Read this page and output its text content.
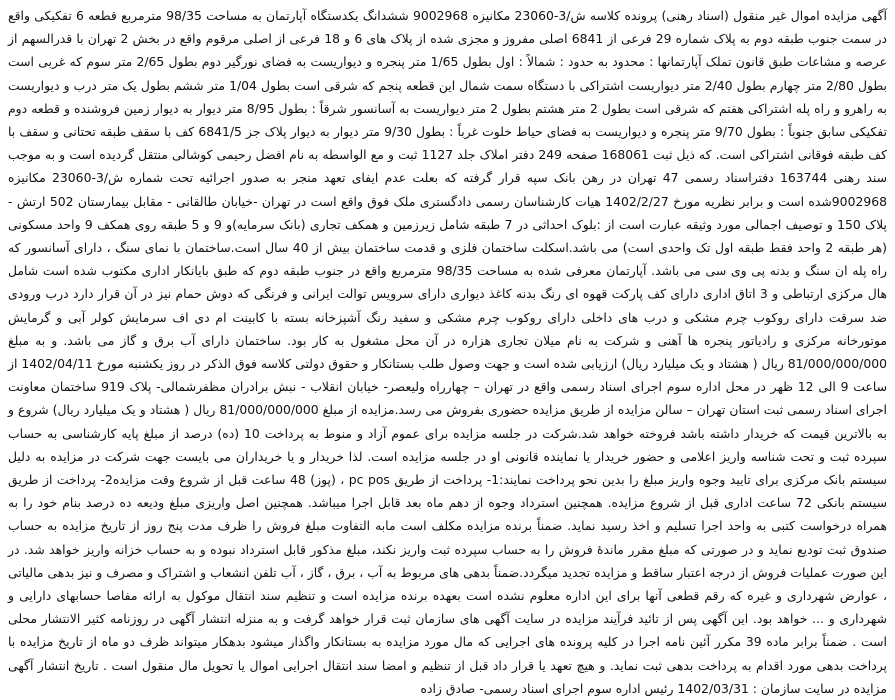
آگهی مزایده اموال غیر منقول (اسناد رهنی) پرونده کلاسه ش/3-23060 مکانیزه 9002968 ششدانگ یکدستگاه آپارتمان به مساحت 98/35 مترمربع قطعه 6 تفکیکی واقع در سمت جنوب طبقه دوم به پلاک شماره 29 فرعی از 6841 اصلی مفروز و مجزی شده از پلاک های 6 و 18 فرعی از اصلی مرقوم واقع در بخش 2 تهران با قدرالسهم از عرصه و مشاعات طبق قانون تملک آپارتمانها : محدود به حدود : شمالاً : اول بطول 1/65 متر پنجره و دیواریست به فضای نورگیر دوم بطول 2/65 متر سوم که غربی است بطول 2/80 متر چهارم بطول 2/40 متر دیواریست اشتراکی با دستگاه سمت شمال این قطعه پنجم که شرقی است بطول 1/04 متر ششم بطول یک متر درب و دیواریست به راهرو و راه پله اشتراکی هفتم که شرقی است بطول 2 متر هشتم بطول 2 متر دیواریست به آسانسور شرقاً : بطول 8/95 متر دیوار به دیوار زمین فروشنده و قطعه دوم تفکیکی سابق جنوباً : بطول 9/70 متر پنجره و دیواریست به فضای حیاط خلوت غرباً : بطول 9/30 متر دیوار به دیوار پلاک جز 6841/5 کف با سقف طبقه تحتانی و سقف با کف طبقه فوقانی اشتراکی است. که ذیل ثبت 168061 صفحه 249 دفتر املاک جلد 1127 ثبت و مع الواسطه به نام افضل رحیمی کوشالی منتقل گردیده است و به موجب سند رهنی 163744 دفتراسناد رسمی 47 تهران در رهن بانک سپه قرار گرفته که بعلت عدم ایفای تعهد منجر به صدور اجرائیه تحت شماره ش/3-23060 مکانیزه 9002968شده است و برابر نظریه مورخ 1402/2/27 هیات کارشناسان رسمی دادگستری ملک فوق واقع است در تهران -خیابان طالقانی - مقابل بیمارستان 502 ارتش - پلاک 150 و توصیف اجمالی مورد وثیقه عبارت است از :بلوک احداثی در 7 طبقه شامل زیرزمین و همکف تجاری (بانک سرمایه)و 9 و 5 طبقه روی همکف 9 واحد مسکونی (هر طبقه 2 واحد فقط طبقه اول تک واحدی است) می باشد.اسکلت ساختمان فلزی و قدمت ساختمان بیش از 40 سال است.ساختمان با نمای سنگ ، دارای آسانسور که راه پله ان سنگ و بدنه پی وی سی می باشد. آپارتمان معرفی شده به مساحت 98/35 مترمربع واقع در جنوب طبقه دوم که طبق بایانکار اداری مکتوب شده است شامل هال مرکزی ارتباطی و 3 اتاق اداری دارای کف پارکت قهوه ای رنگ بدنه کاغذ دیواری دارای سرویس توالت ایرانی و فرنگی که دوش حمام نیز در آن قرار دارد درب ورودی ضد سرقت دارای روکوب چرم مشکی و درب های داخلی دارای روکوب چرم مشکی و سفید رنگ آشپزخانه بسته با کابینت ام دی اف سرمایش کولر آبی و گرمایش موتورخانه مرکزی و رادیاتور پنجره ها آهنی و شرکت به نام میلان تجاری هزاره در آن محل مشغول به کار بود. ساختمان دارای آب برق و گاز می باشد. و به مبلغ 81/000/000/000 ریال ( هشتاد و یک میلیارد ریال) ارزیابی شده است و جهت وصول طلب بستانکار و حقوق دولتی کلاسه فوق الذکر در روز یکشنبه مورخ 1402/04/11 از ساعت 9 الی 12 ظهر در محل اداره سوم اجرای اسناد رسمی واقع در تهران – چهارراه ولیعصر- خیابان انقلاب - نبش برادران مظفرشمالی- پلاک 919 ساختمان معاونت اجرای اسناد رسمی ثبت استان تهران – سالن مزایده از طریق مزایده حضوری بفروش می رسد.مزایده از مبلغ 81/000/000/000 ریال ( هشتاد و یک میلیارد ریال) شروع و به بالاترین قیمت که خریدار داشته باشد فروخته خواهد شد.شرکت در جلسه مزایده برای عموم آزاد و منوط به پرداخت 10 (ده) درصد از مبلغ پایه کارشناسی به حساب سپرده ثبت و تحت شناسه واریز اعلامی و حضور خریدار یا نماینده قانونی او در جلسه مزایده است. لذا خریدار و یا خریداران می بایست جهت شرکت در مزایده به دلیل سیستم بانک مرکزی برای تایید وجوه واریز مبلغ را بدین نحو پرداخت نمایند:1- پرداخت از طریق pc pos ، (پوز) 48 ساعت قبل از شروع وقت مزایده2- پرداخت از طریق سیستم بانکی 72 ساعت اداری قبل از شروع مزایده. همچنین استرداد وجوه از دهم ماه بعد قابل اجرا میباشد. همچنین اصل واریزی مبلغ ودیعه ده درصد بنام خود را به همراه درخواست کتبی به واحد اجرا تسلیم و اخذ رسید نماید. ضمناً برنده مزایده مکلف است مابه التفاوت مبلغ فروش را ظرف مدت پنج روز از تاریخ مزایده به حساب صندوق ثبت تودیع نماید و در صورتی که مبلغ مقرر ماندۀ فروش را به حساب سپرده ثبت واریز نکند، مبلغ مذکور قابل استرداد نبوده و به حساب خزانه واریز خواهد شد. در این صورت عملیات فروش از درجه اعتبار ساقط و مزایده تجدید میگردد.ضمناً بدهی های مربوط به آب ، برق ، گاز ، آب تلفن انشعاب و اشتراک و مصرف و نیز بدهی مالیاتی ، عوارض شهرداری و غیره که رقم قطعی آنها برای این اداره معلوم نشده است بعهده برنده مزایده است و تنظیم سند انتقال موکول به ارائه مفاصا حسابهای دارایی و شهرداری و ... خواهد بود. این آگهی پس از تائید فرآیند مزایده در سایت آگهی های سازمان ثبت قرار خواهد گرفت و به منزله انتشار آگهی در روزنامه کثیر الانتشار محلی است . ضمناً برابر ماده 39 مکرر آئین نامه اجرا در کلیه پرونده های اجرایی که مال مورد مزایده به بستانکار واگذار میشود بدهکار میتواند ظرف دو ماه از تاریخ مزایده با پرداخت بدهی مورد اقدام به پرداخت بدهی ثبت نماید. و هیچ تعهد یا قرار داد قبل از تنظیم و امضا سند انتقال اجرایی اموال یا تحویل مال منقول است . تاریخ انتشار آگهی مزایده در سایت سازمان : 1402/03/31 رئیس اداره سوم اجرای اسناد رسمی- صادق زاده
